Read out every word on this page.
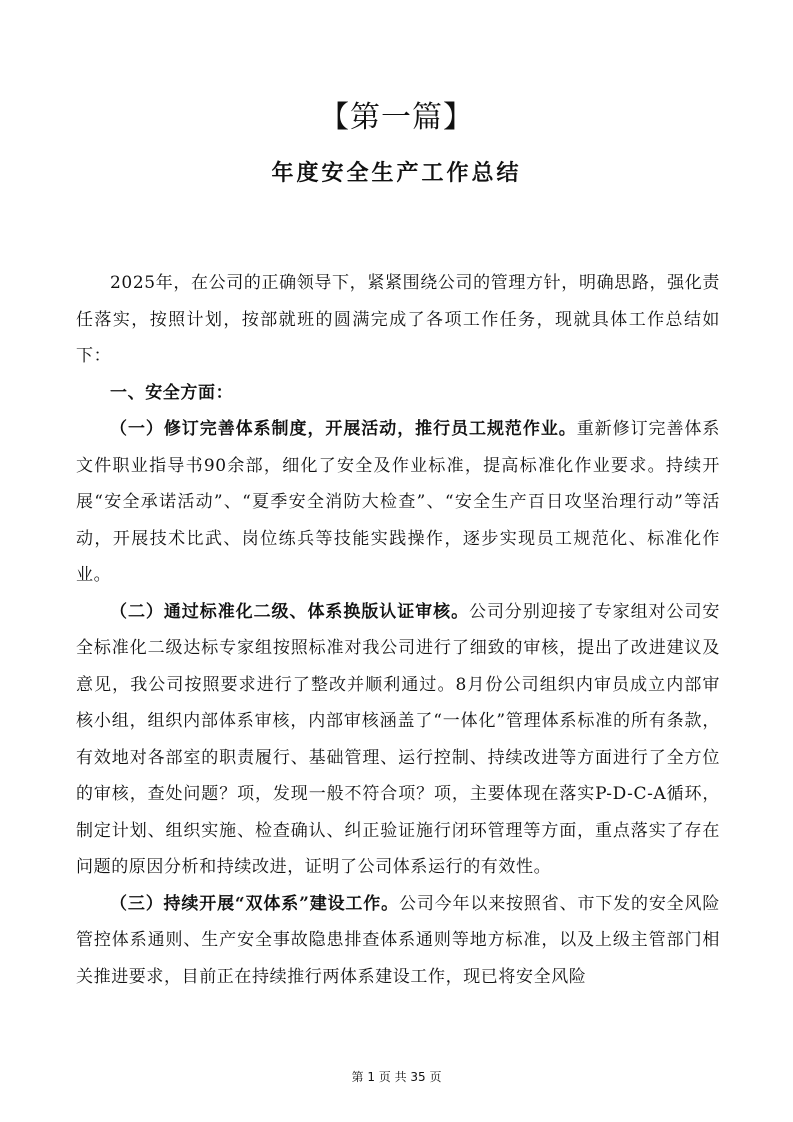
【第一篇】
年度安全生产工作总结

2025年，在公司的正确领导下，紧紧围绕公司的管理方针，明确思路，强化责任落实，按照计划，按部就班的圆满完成了各项工作任务，现就具体工作总结如下：

一、安全方面：

（一）修订完善体系制度，开展活动，推行员工规范作业。重新修订完善体系文件职业指导书90余部，细化了安全及作业标准，提高标准化作业要求。持续开展“安全承诺活动”、“夏季安全消防大检查”、“安全生产百日攻坚治理行动”等活动，开展技术比武、岗位练兵等技能实践操作，逐步实现员工规范化、标准化作业。

（二）通过标准化二级、体系换版认证审核。公司分别迎接了专家组对公司安全标准化二级达标专家组按照标准对我公司进行了细致的审核，提出了改进建议及意见，我公司按照要求进行了整改并顺利通过。8月份公司组织内审员成立内部审核小组，组织内部体系审核，内部审核涵盖了“一体化”管理体系标准的所有条款，有效地对各部室的职责履行、基础管理、运行控制、持续改进等方面进行了全方位的审核，查处问题？项，发现一般不符合项？项，主要体现在落实P-D-C-A循环，制定计划、组织实施、检查确认、纠正验证施行闭环管理等方面，重点落实了存在问题的原因分析和持续改进，证明了公司体系运行的有效性。

（三）持续开展“双体系”建设工作。公司今年以来按照省、市下发的安全风险管控体系通则、生产安全事故隐患排查体系通则等地方标准，以及上级主管部门相关推进要求，目前正在持续推行两体系建设工作，现已将安全风险

第 1 页 共 35 页
